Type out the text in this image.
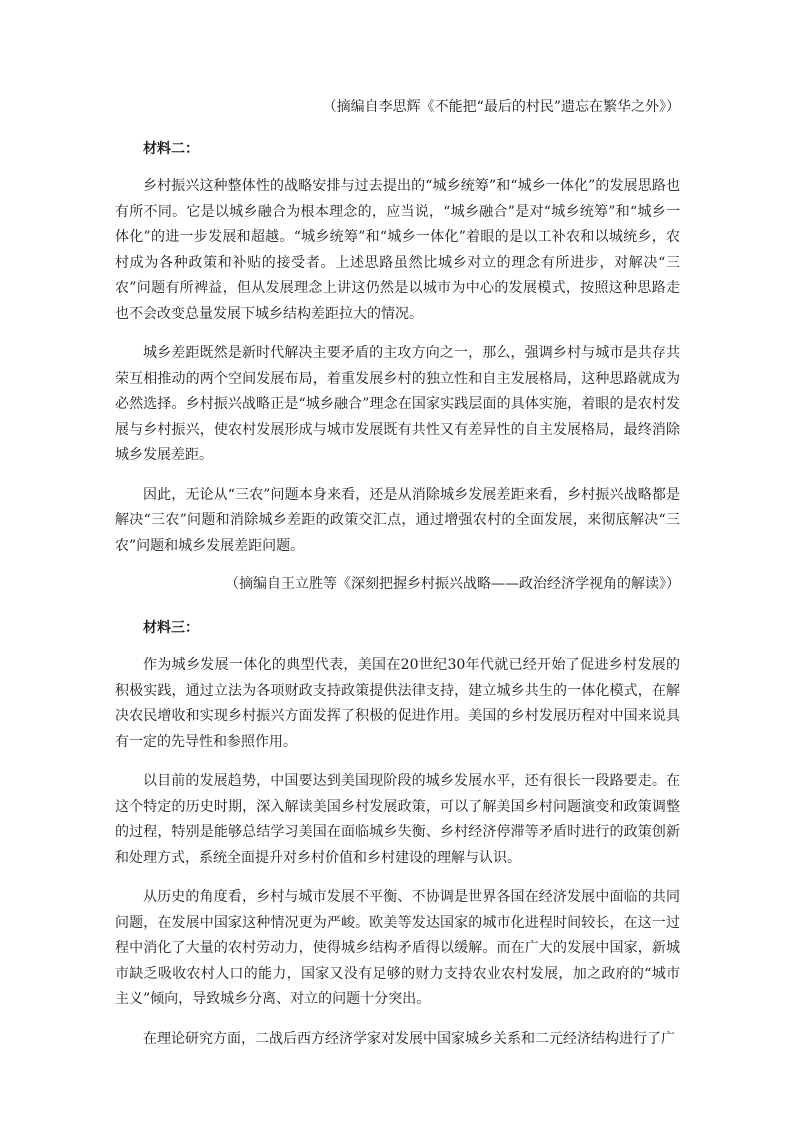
（摘编自李思辉《不能把“最后的村民”遗忘在繁华之外》）

材料二：

乡村振兴这种整体性的战略安排与过去提出的“城乡统筹”和“城乡一体化”的发展思路也有所不同。它是以城乡融合为根本理念的，应当说，“城乡融合”是对“城乡统筹”和“城乡一体化”的进一步发展和超越。“城乡统筹”和“城乡一体化”着眼的是以工补农和以城统乡，农村成为各种政策和补贴的接受者。上述思路虽然比城乡对立的理念有所进步，对解决“三农”问题有所裨益，但从发展理念上讲这仍然是以城市为中心的发展模式，按照这种思路走也不会改变总量发展下城乡结构差距拉大的情况。

城乡差距既然是新时代解决主要矛盾的主攻方向之一，那么，强调乡村与城市是共存共荣互相推动的两个空间发展布局，着重发展乡村的独立性和自主发展格局，这种思路就成为必然选择。乡村振兴战略正是“城乡融合”理念在国家实践层面的具体实施，着眼的是农村发展与乡村振兴，使农村发展形成与城市发展既有共性又有差异性的自主发展格局，最终消除城乡发展差距。

因此，无论从“三农”问题本身来看，还是从消除城乡发展差距来看，乡村振兴战略都是解决“三农”问题和消除城乡差距的政策交汇点，通过增强农村的全面发展，来彻底解决“三农”问题和城乡发展差距问题。

（摘编自王立胜等《深刻把握乡村振兴战略——政治经济学视角的解读》）

材料三：

作为城乡发展一体化的典型代表，美国在20世纪30年代就已经开始了促进乡村发展的积极实践，通过立法为各项财政支持政策提供法律支持，建立城乡共生的一体化模式，在解决农民增收和实现乡村振兴方面发挥了积极的促进作用。美国的乡村发展历程对中国来说具有一定的先导性和参照作用。

以目前的发展趋势，中国要达到美国现阶段的城乡发展水平，还有很长一段路要走。在这个特定的历史时期，深入解读美国乡村发展政策，可以了解美国乡村问题演变和政策调整的过程，特别是能够总结学习美国在面临城乡失衡、乡村经济停滞等矛盾时进行的政策创新和处理方式，系统全面提升对乡村价值和乡村建设的理解与认识。

从历史的角度看，乡村与城市发展不平衡、不协调是世界各国在经济发展中面临的共同问题，在发展中国家这种情况更为严峻。欧美等发达国家的城市化进程时间较长，在这一过程中消化了大量的农村劳动力，使得城乡结构矛盾得以缓解。而在广大的发展中国家，新城市缺乏吸收农村人口的能力，国家又没有足够的财力支持农业农村发展，加之政府的“城市主义”倾向，导致城乡分离、对立的问题十分突出。

在理论研究方面，二战后西方经济学家对发展中国家城乡关系和二元经济结构进行了广
